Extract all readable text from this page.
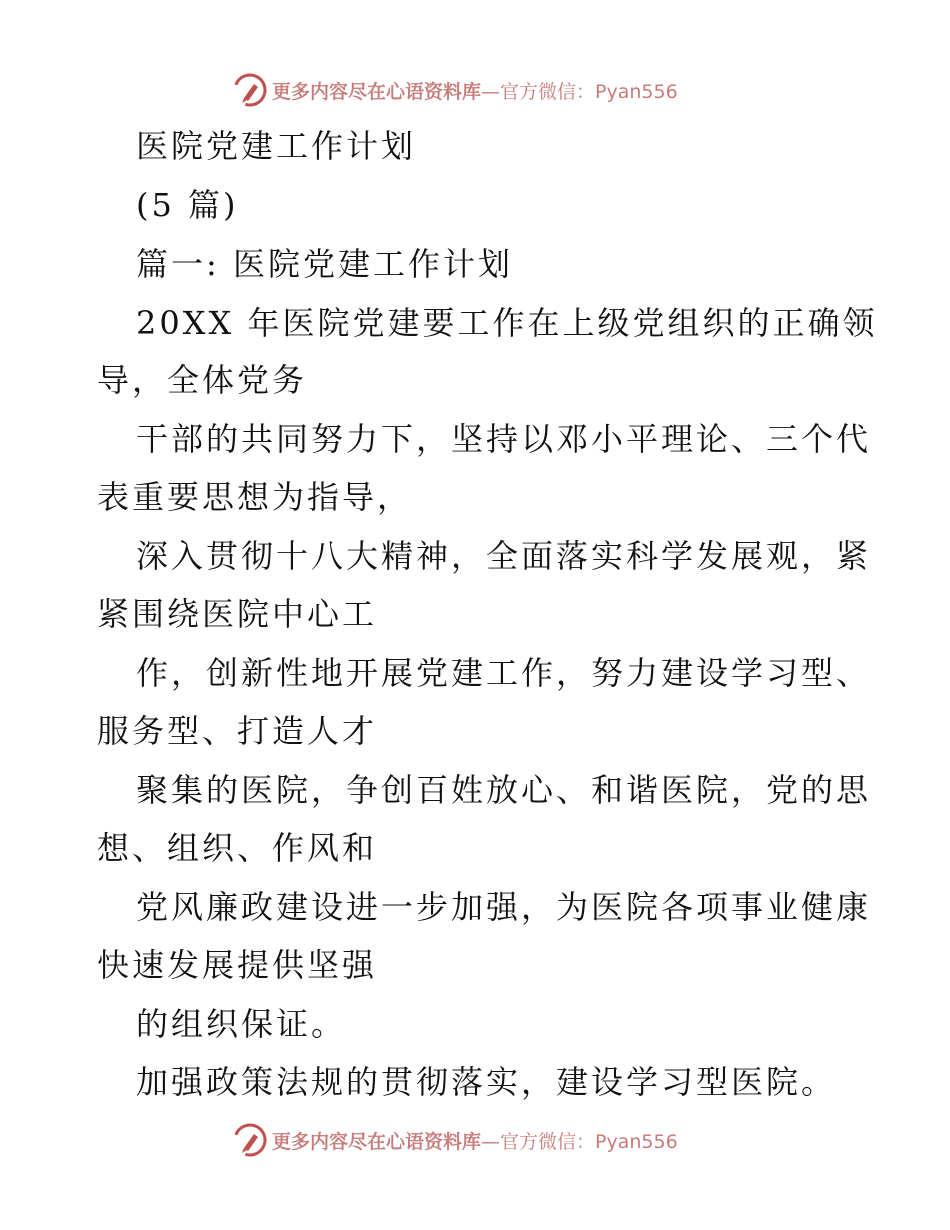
更多内容尽在心语资料库 —官方微信：Pyan556
医院党建工作计划
(5 篇)
篇一: 医院党建工作计划
20XX 年医院党建要工作在上级党组织的正确领
导，全体党务
干部的共同努力下，坚持以邓小平理论、三个代
表重要思想为指导，
深入贯彻十八大精神，全面落实科学发展观，紧
紧围绕医院中心工
作，创新性地开展党建工作，努力建设学习型、
服务型、打造人才
聚集的医院，争创百姓放心、和谐医院，党的思
想、组织、作风和
党风廉政建设进一步加强，为医院各项事业健康
快速发展提供坚强
的组织保证。
加强政策法规的贯彻落实，建设学习型医院。
更多内容尽在心语资料库 —官方微信：Pyan556
